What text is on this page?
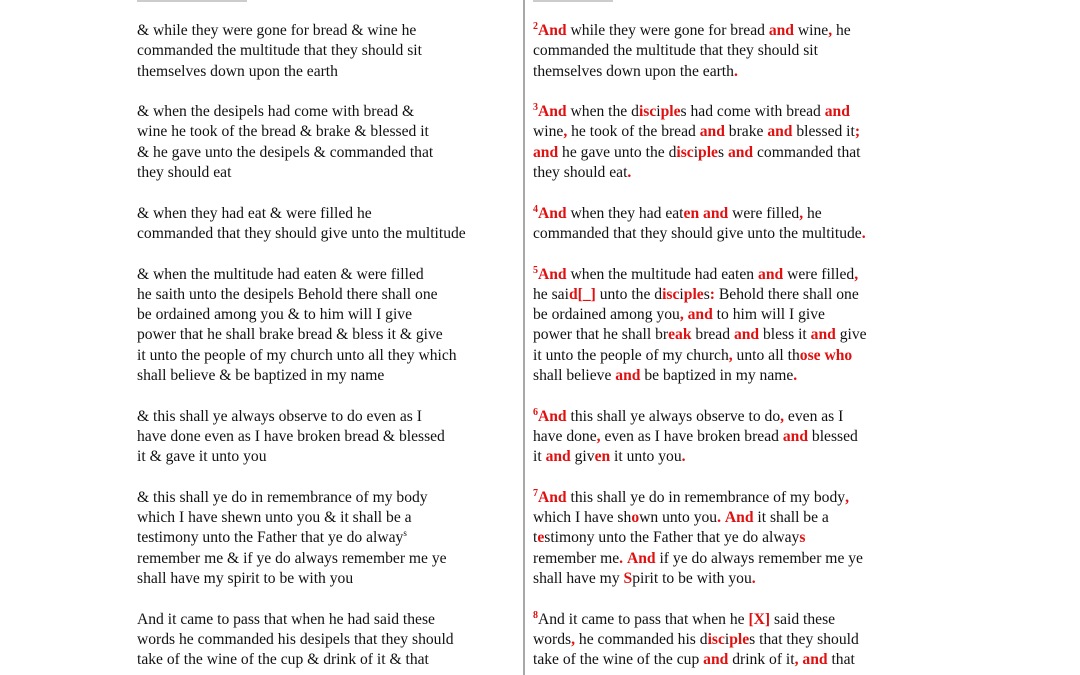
& while they were gone for bread & wine he
commanded the multitude that they should sit
themselves down upon the earth
& when the desipels had come with bread &
wine he took of the bread & brake & blessed it
& he gave unto the desipels & commanded that
they should eat
& when they had eat & were filled he
commanded that they should give unto the multitude
& when the multitude had eaten & were filled
he saith unto the desipels Behold there shall one
be ordained among you & to him will I give
power that he shall brake bread & bless it & give
it unto the people of my church unto all they which
shall believe & be baptized in my name
& this shall ye always observe to do even as I
have done even as I have broken bread & blessed
it & gave it unto you
& this shall ye do in remembrance of my body
which I have shewn unto you & it shall be a
testimony unto the Father that ye do alway$^s$
remember me & if ye do always remember me ye
shall have my spirit to be with you
And it came to pass that when he had said these
words he commanded his desipels that they should
take of the wine of the cup & drink of it & that
$^2$And while they were gone for bread and wine, he
commanded the multitude that they should sit
themselves down upon the earth.
$^3$And when the disciples had come with bread and
wine, he took of the bread and brake and blessed it;
and he gave unto the disciples and commanded that
they should eat.
$^4$And when they had eaten and were filled, he
commanded that they should give unto the multitude.
$^5$And when the multitude had eaten and were filled,
he said[_] unto the disciples: Behold there shall one
be ordained among you, and to him will I give
power that he shall break bread and bless it and give
it unto the people of my church, unto all those who
shall believe and be baptized in my name.
$^6$And this shall ye always observe to do, even as I
have done, even as I have broken bread and blessed
it and given it unto you.
$^7$And this shall ye do in remembrance of my body,
which I have shown unto you. And it shall be a
testimony unto the Father that ye do always
remember me. And if ye do always remember me ye
shall have my Spirit to be with you.
$^8$And it came to pass that when he [X] said these
words, he commanded his disciples that they should
take of the wine of the cup and drink of it, and that
